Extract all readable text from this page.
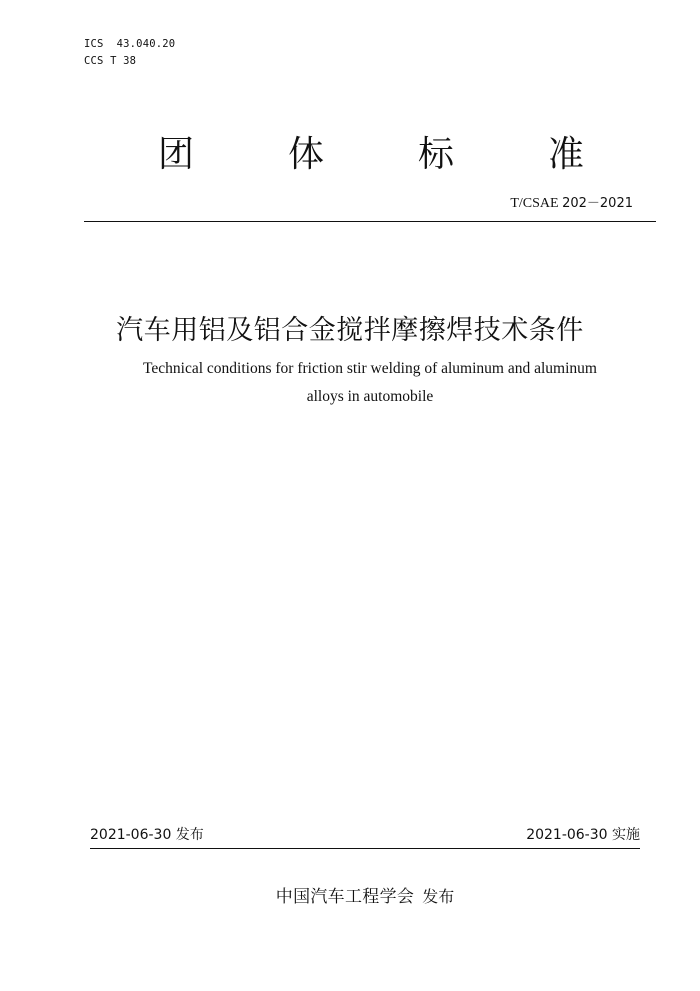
ICS  43.040.20
CCS T 38
团	体	标	准
T/CSAE 202－2021
汽车用铝及铝合金搅拌摩擦焊技术条件
Technical conditions for friction stir welding of aluminum and aluminum
alloys in automobile
2021-06-30 发布	2021-06-30 实施
中国汽车工程学会 发布
